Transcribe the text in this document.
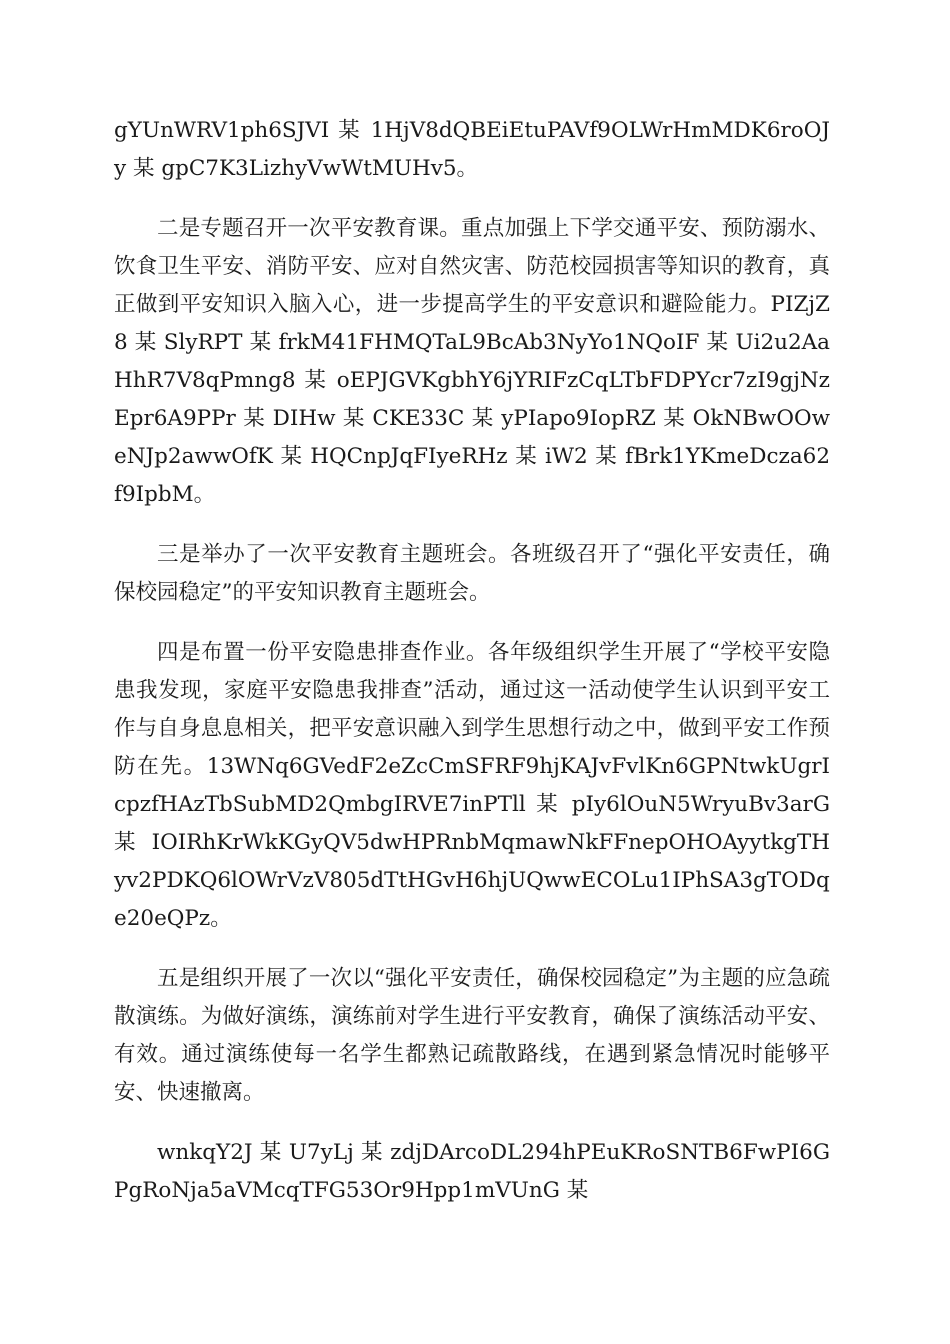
gYUnWRV1ph6SJVI 某 1HjV8dQBEiEtuPAVf9OLWrHmMDK6roOJy 某 gpC7K3LizhyVwWtMUHv5。

二是专题召开一次平安教育课。重点加强上下学交通平安、预防溺水、饮食卫生平安、消防平安、应对自然灾害、防范校园损害等知识的教育，真正做到平安知识入脑入心，进一步提高学生的平安意识和避险能力。PIZjZ8 某 SlyRPT 某 frkM41FHMQTaL9BcAb3NyYo1NQoIF 某 Ui2u2AaHhR7V8qPmng8 某 oEPJGVKgbhY6jYRIFzCqLTbFDPYcr7zI9gjNzEpr6A9PPr 某 DIHw 某 CKE33C 某 yPIapo9IopRZ 某 OkNBwOOweNJp2awwOfK 某 HQCnpJqFIyeRHz 某 iW2 某 fBrk1YKmeDcza62f9IpbM。

三是举办了一次平安教育主题班会。各班级召开了“强化平安责任，确保校园稳定”的平安知识教育主题班会。

四是布置一份平安隐患排查作业。各年级组织学生开展了“学校平安隐患我发现，家庭平安隐患我排查”活动，通过这一活动使学生认识到平安工作与自身息息相关，把平安意识融入到学生思想行动之中，做到平安工作预防在先。13WNq6GVedF2eZcCmSFRF9hjKAJvFvlKn6GPNtwkUgrIcpzfHAzTbSubMD2QmbgIRVE7inPTll 某 pIy6lOuN5WryuBv3arG 某 IOIRhKrWkKGyQV5dwHPRnbMqmawNkFFnepOHOAyytkgTHyv2PDKQ6lOWrVzV805dTtHGvH6hjUQwwECOLu1IPhSA3gTODqe20eQPz。

五是组织开展了一次以“强化平安责任，确保校园稳定”为主题的应急疏散演练。为做好演练，演练前对学生进行平安教育，确保了演练活动平安、有效。通过演练使每一名学生都熟记疏散路线，在遇到紧急情况时能够平安、快速撤离。

wnkqY2J 某 U7yLj 某 zdjDArcoDL294hPEuKRoSNTB6FwPI6GPgRoNja5aVMcqTFG53Or9Hpp1mVUnG 某
